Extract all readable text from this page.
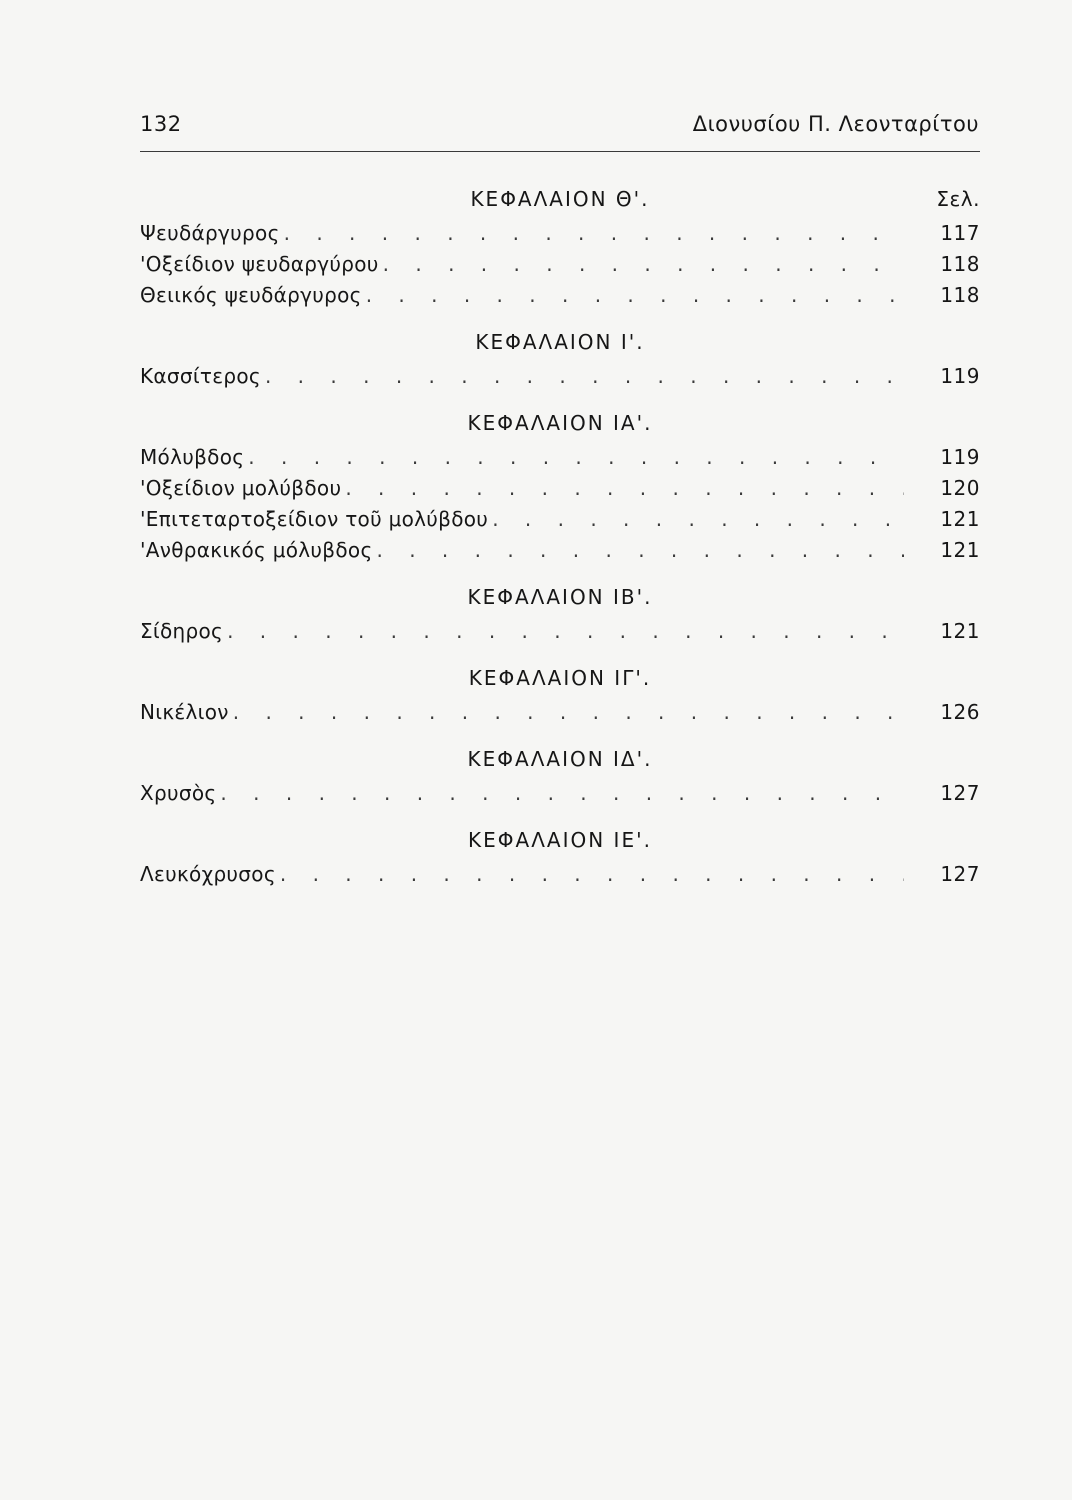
132	Διονυσίου Π. Λεονταρίτου
ΚΕΦΑΛΑΙΟΝ Θ'.	Σελ.
Ψευδάργυρος . . .	117
'Οξείδιον ψευδαργύρου . . .	118
Θειικός ψευδάργυρος . . .	118
ΚΕΦΑΛΑΙΟΝ Ι'.
Κασσίτερος . . .	119
ΚΕΦΑΛΑΙΟΝ ΙΑ'.
Μόλυβδος . . .	119
'Οξείδιον μολύβδου . . .	120
'Επιτεταρτοξείδιον τοῦ μολύβδου . . .	121
'Ανθρακικός μόλυβδος . . .	121
ΚΕΦΑΛΑΙΟΝ ΙΒ'.
Σίδηρος . . .	121
ΚΕΦΑΛΑΙΟΝ ΙΓ'.
Νικέλιον . . .	126
ΚΕΦΑΛΑΙΟΝ ΙΔ'.
Χρυσὸς . . .	127
ΚΕΦΑΛΑΙΟΝ ΙΕ'.
Λευκόχρυσος . . .	127
